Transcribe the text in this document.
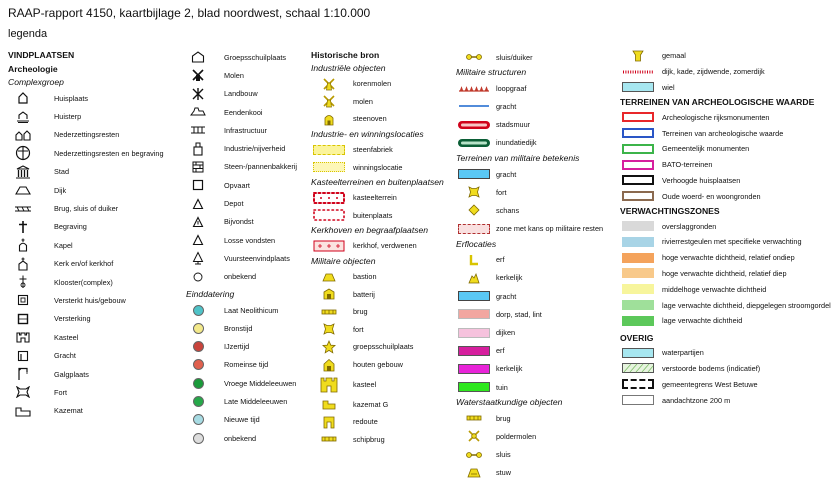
RAAP-rapport 4150, kaartbijlage 2, blad noordwest, schaal 1:10.000
legenda
VINDPLAATSEN
Archeologie
Complexgroep
Huisplaats
Huisterp
Nederzettingsresten
Nederzettingsresten en begraving
Stad
Dijk
Brug, sluis of duiker
Begraving
Kapel
Kerk en/of kerkhof
Klooster(complex)
Versterkt huis/gebouw
Versterking
Kasteel
Gracht
Galgplaats
Fort
Kazemat
Groepsschuilplaats
Molen
Landbouw
Eendenkooi
Infrastructuur
Industrie/nijverheid
Steen-/pannenbakkerij
Opvaart
Depot
Bijvondst
Losse vondsten
Vuursteenvindplaats
onbekend
Einddatering
Laat Neolithicum
Bronstijd
IJzertijd
Romeinse tijd
Vroege Middeleeuwen
Late Middeleeuwen
Nieuwe tijd
onbekend
Historische bron
Industriële objecten
korenmolen
molen
steenoven
Industrie- en winningslocaties
steenfabriek
winningslocatie
Kasteelterreinen en buitenplaatsen
kasteelterrein
buitenplaats
Kerkhoven en begraafplaatsen
kerkhof, verdwenen
Militaire objecten
bastion
batterij
brug
fort
groepsschuilplaats
houten gebouw
kasteel
kazemat G
redoute
schipbrug
sluis/duiker
Militaire structuren
loopgraaf
gracht
stadsmuur
inundatiedijk
Terreinen van militaire betekenis
gracht
fort
schans
zone met kans op militaire resten
Erflocaties
erf
kerkelijk
gracht
dorp, stad, lint
dijken
erf
kerkelijk
tuin
Waterstaatkundige objecten
brug
poldermolen
sluis
stuw
gemaal
dijk, kade, zijdwende, zomerdijk
wiel
TERREINEN VAN ARCHEOLOGISCHE WAARDE
Archeologische rijksmonumenten
Terreinen van archeologische waarde
Gemeentelijk monumenten
BATO-terreinen
Verhoogde huisplaatsen
Oude woerd- en woongronden
VERWACHTINGSZONES
overslaggronden
rivierrestgeulen met specifieke verwachting
hoge verwachte dichtheid, relatief ondiep
hoge verwachte dichtheid, relatief diep
middelhoge verwachte dichtheid
lage verwachte dichtheid, diepgelegen stroomgordel
lage verwachte dichtheid
OVERIG
waterpartijen
verstoorde bodems (indicatief)
gemeentegrens West Betuwe
aandachtzone 200 m
